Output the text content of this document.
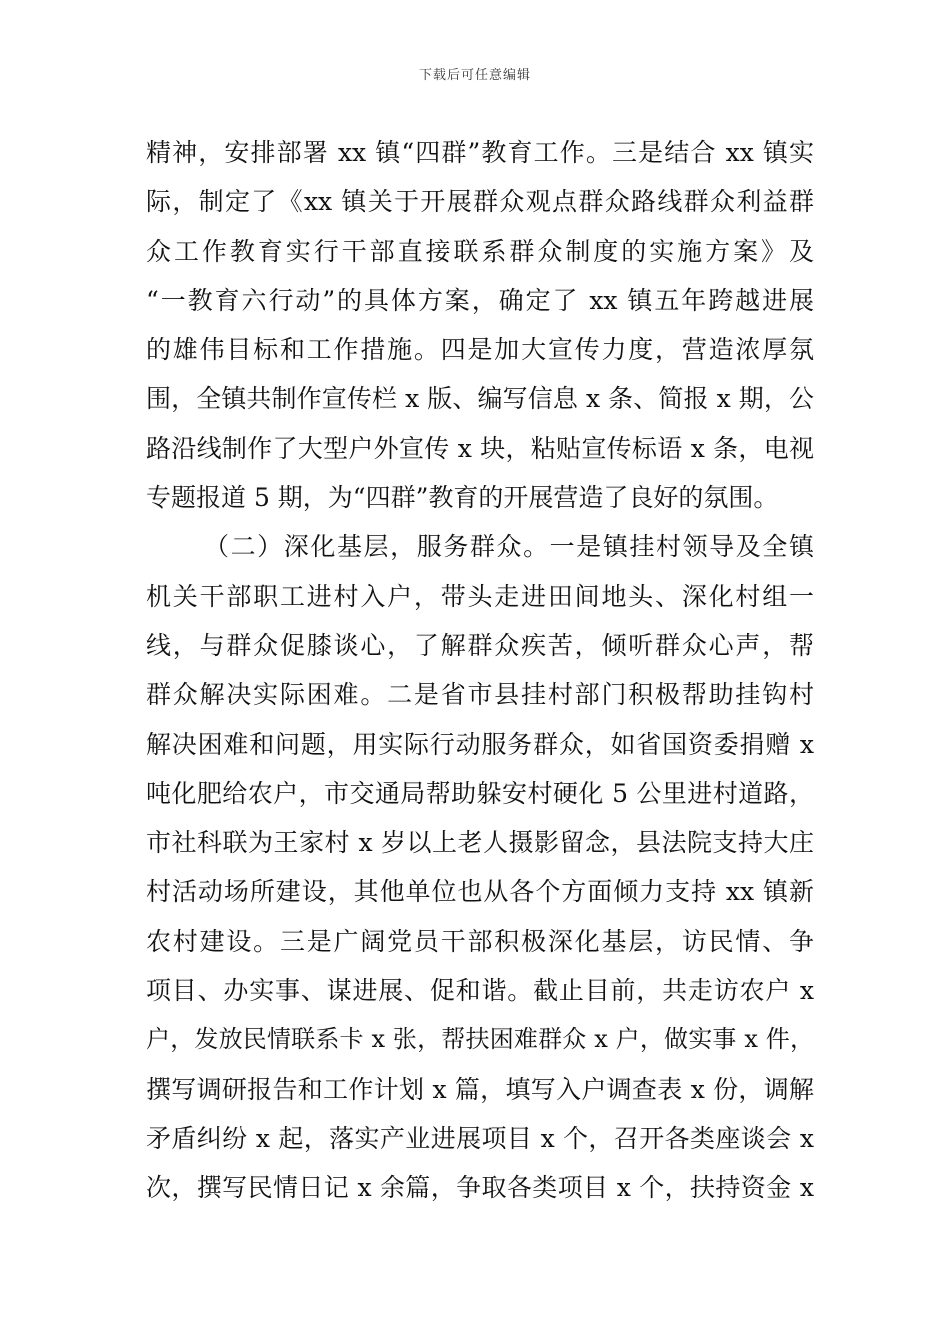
下载后可任意编辑
精神，安排部署 xx 镇“四群”教育工作。三是结合 xx 镇实
际，制定了《xx 镇关于开展群众观点群众路线群众利益群
众工作教育实行干部直接联系群众制度的实施方案》及
“一教育六行动”的具体方案，确定了 xx 镇五年跨越进展
的雄伟目标和工作措施。四是加大宣传力度，营造浓厚氛
围，全镇共制作宣传栏 x 版、编写信息 x 条、简报 x 期，公
路沿线制作了大型户外宣传 x 块，粘贴宣传标语 x 条，电视
专题报道 5 期，为“四群”教育的开展营造了良好的氛围。
（二）深化基层，服务群众。一是镇挂村领导及全镇
机关干部职工进村入户，带头走进田间地头、深化村组一
线，与群众促膝谈心，了解群众疾苦，倾听群众心声，帮
群众解决实际困难。二是省市县挂村部门积极帮助挂钩村
解决困难和问题，用实际行动服务群众，如省国资委捐赠 x
吨化肥给农户，市交通局帮助躲安村硬化 5 公里进村道路，
市社科联为王家村 x 岁以上老人摄影留念，县法院支持大庄
村活动场所建设，其他单位也从各个方面倾力支持 xx 镇新
农村建设。三是广阔党员干部积极深化基层，访民情、争
项目、办实事、谋进展、促和谐。截止目前，共走访农户 x
户，发放民情联系卡 x 张，帮扶困难群众 x 户，做实事 x 件，
撰写调研报告和工作计划 x 篇，填写入户调查表 x 份，调解
矛盾纠纷 x 起，落实产业进展项目 x 个，召开各类座谈会 x
次，撰写民情日记 x 余篇，争取各类项目 x 个，扶持资金 x
